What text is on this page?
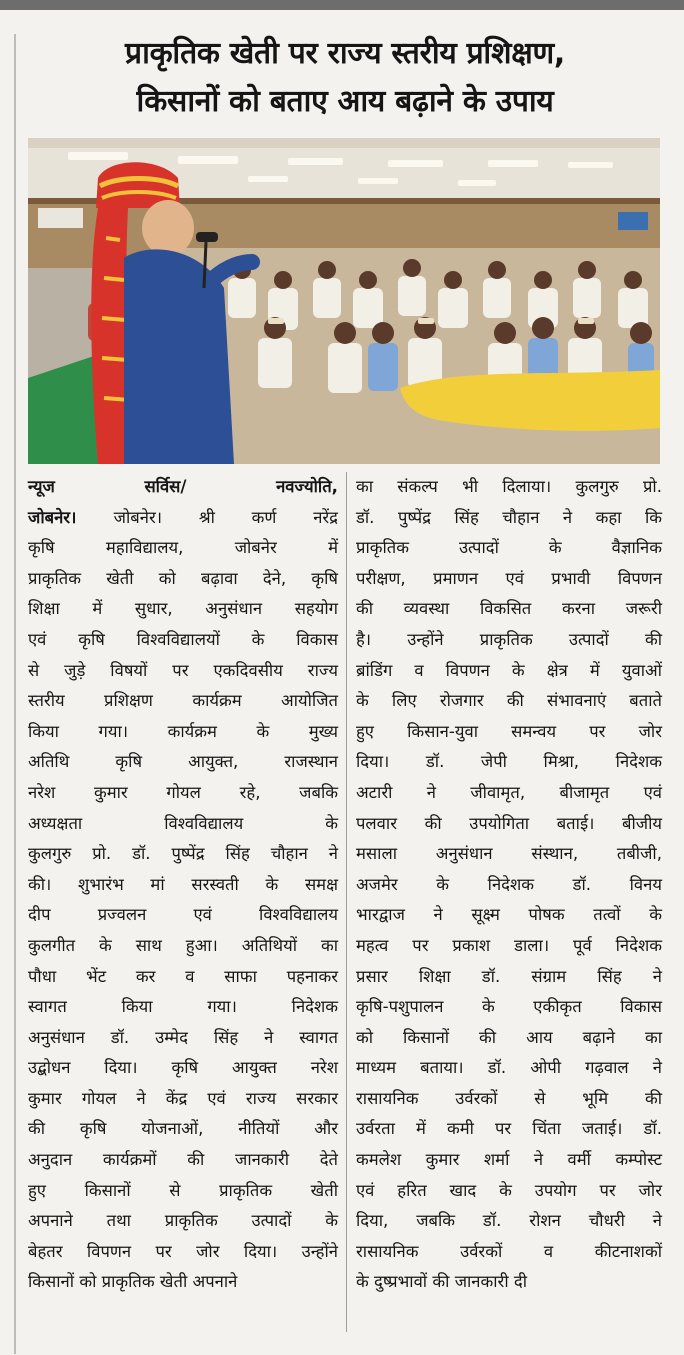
प्राकृतिक खेती पर राज्य स्तरीय प्रशिक्षण,
किसानों को बताए आय बढ़ाने के उपाय
न्यूज सर्विस/ नवज्योति,
जोबनेर। जोबनेर। श्री कर्ण नरेंद्र
कृषि महाविद्यालय, जोबनेर में
प्राकृतिक खेती को बढ़ावा देने, कृषि
शिक्षा में सुधार, अनुसंधान सहयोग
एवं कृषि विश्वविद्यालयों के विकास
से जुड़े विषयों पर एकदिवसीय राज्य
स्तरीय प्रशिक्षण कार्यक्रम आयोजित
किया गया। कार्यक्रम के मुख्य
अतिथि कृषि आयुक्त, राजस्थान
नरेश कुमार गोयल रहे, जबकि
अध्यक्षता विश्वविद्यालय के
कुलगुरु प्रो. डॉ. पुष्पेंद्र सिंह चौहान ने
की। शुभारंभ मां सरस्वती के समक्ष
दीप प्रज्वलन एवं विश्वविद्यालय
कुलगीत के साथ हुआ। अतिथियों का
पौधा भेंट कर व साफा पहनाकर
स्वागत किया गया। निदेशक
अनुसंधान डॉ. उम्मेद सिंह ने स्वागत
उद्बोधन दिया। कृषि आयुक्त नरेश
कुमार गोयल ने केंद्र एवं राज्य सरकार
की कृषि योजनाओं, नीतियों और
अनुदान कार्यक्रमों की जानकारी देते
हुए किसानों से प्राकृतिक खेती
अपनाने तथा प्राकृतिक उत्पादों के
बेहतर विपणन पर जोर दिया। उन्होंने
किसानों को प्राकृतिक खेती अपनाने
का संकल्प भी दिलाया। कुलगुरु प्रो.
डॉ. पुष्पेंद्र सिंह चौहान ने कहा कि
प्राकृतिक उत्पादों के वैज्ञानिक
परीक्षण, प्रमाणन एवं प्रभावी विपणन
की व्यवस्था विकसित करना जरूरी
है। उन्होंने प्राकृतिक उत्पादों की
ब्रांडिंग व विपणन के क्षेत्र में युवाओं
के लिए रोजगार की संभावनाएं बताते
हुए किसान-युवा समन्वय पर जोर
दिया। डॉ. जेपी मिश्रा, निदेशक
अटारी ने जीवामृत, बीजामृत एवं
पलवार की उपयोगिता बताई। बीजीय
मसाला अनुसंधान संस्थान, तबीजी,
अजमेर के निदेशक डॉ. विनय
भारद्वाज ने सूक्ष्म पोषक तत्वों के
महत्व पर प्रकाश डाला। पूर्व निदेशक
प्रसार शिक्षा डॉ. संग्राम सिंह ने
कृषि-पशुपालन के एकीकृत विकास
को किसानों की आय बढ़ाने का
माध्यम बताया। डॉ. ओपी गढ़वाल ने
रासायनिक उर्वरकों से भूमि की
उर्वरता में कमी पर चिंता जताई। डॉ.
कमलेश कुमार शर्मा ने वर्मी कम्पोस्ट
एवं हरित खाद के उपयोग पर जोर
दिया, जबकि डॉ. रोशन चौधरी ने
रासायनिक उर्वरकों व कीटनाशकों
के दुष्प्रभावों की जानकारी दी
